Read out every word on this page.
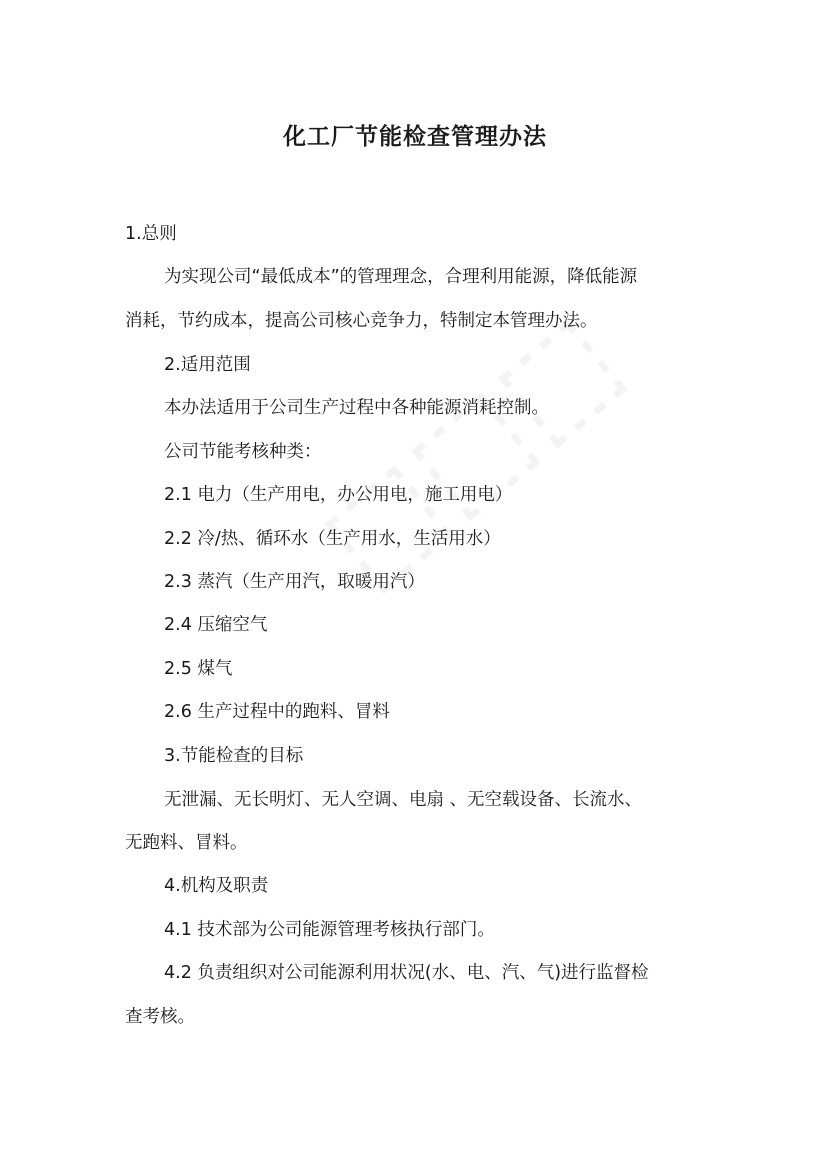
化工厂节能检查管理办法

1.总则

为实现公司“最低成本”的管理理念，合理利用能源，降低能源

消耗，节约成本，提高公司核心竞争力，特制定本管理办法。

2.适用范围

本办法适用于公司生产过程中各种能源消耗控制。

公司节能考核种类：

2.1 电力（生产用电，办公用电，施工用电）

2.2 冷/热、循环水（生产用水，生活用水）

2.3 蒸汽（生产用汽，取暖用汽）

2.4 压缩空气

2.5 煤气

2.6 生产过程中的跑料、冒料

3.节能检查的目标

无泄漏、无长明灯、无人空调、电扇 、无空载设备、长流水、

无跑料、冒料。

4.机构及职责

4.1 技术部为公司能源管理考核执行部门。

4.2 负责组织对公司能源利用状况(水、电、汽、气)进行监督检

查考核。
